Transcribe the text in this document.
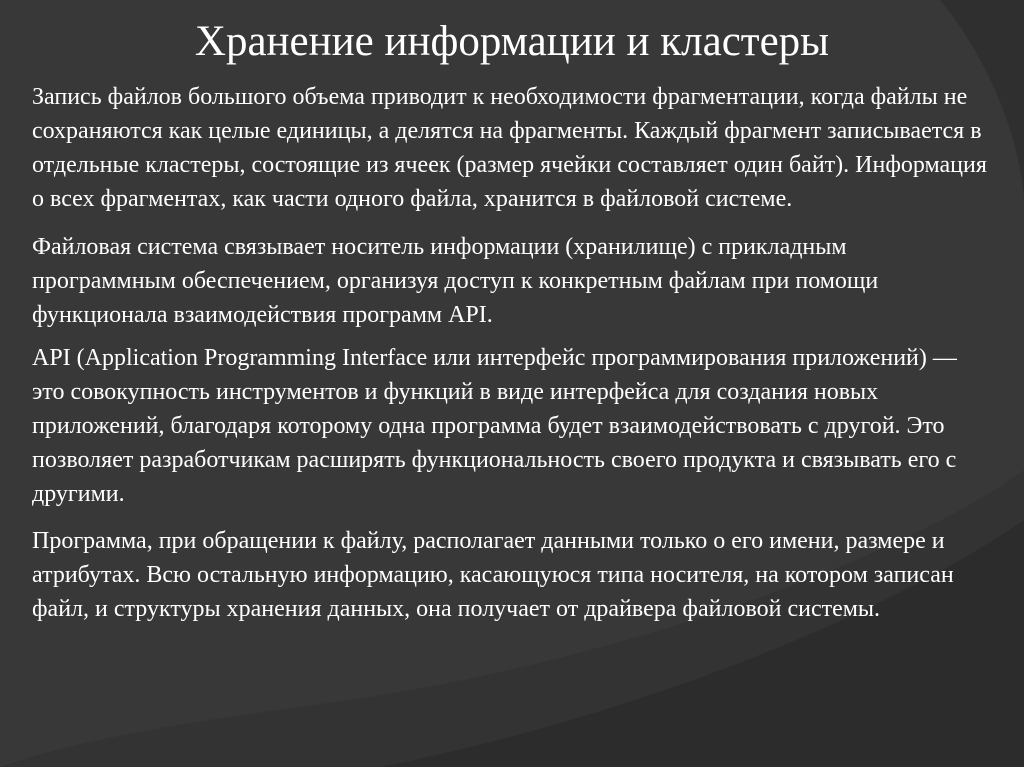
Хранение информации и кластеры

Запись файлов большого объема приводит к необходимости фрагментации, когда файлы не сохраняются как целые единицы, а делятся на фрагменты. Каждый фрагмент записывается в отдельные кластеры, состоящие из ячеек (размер ячейки составляет один байт). Информация о всех фрагментах, как части одного файла, хранится в файловой системе.

Файловая система связывает носитель информации (хранилище) с прикладным программным обеспечением, организуя доступ к конкретным файлам при помощи функционала взаимодействия программ API.

API (Application Programming Interface или интерфейс программирования приложений) — это совокупность инструментов и функций в виде интерфейса для создания новых приложений, благодаря которому одна программа будет взаимодействовать с другой. Это позволяет разработчикам расширять функциональность своего продукта и связывать его с другими.

Программа, при обращении к файлу, располагает данными только о его имени, размере и атрибутах. Всю остальную информацию, касающуюся типа носителя, на котором записан файл, и структуры хранения данных, она получает от драйвера файловой системы.
